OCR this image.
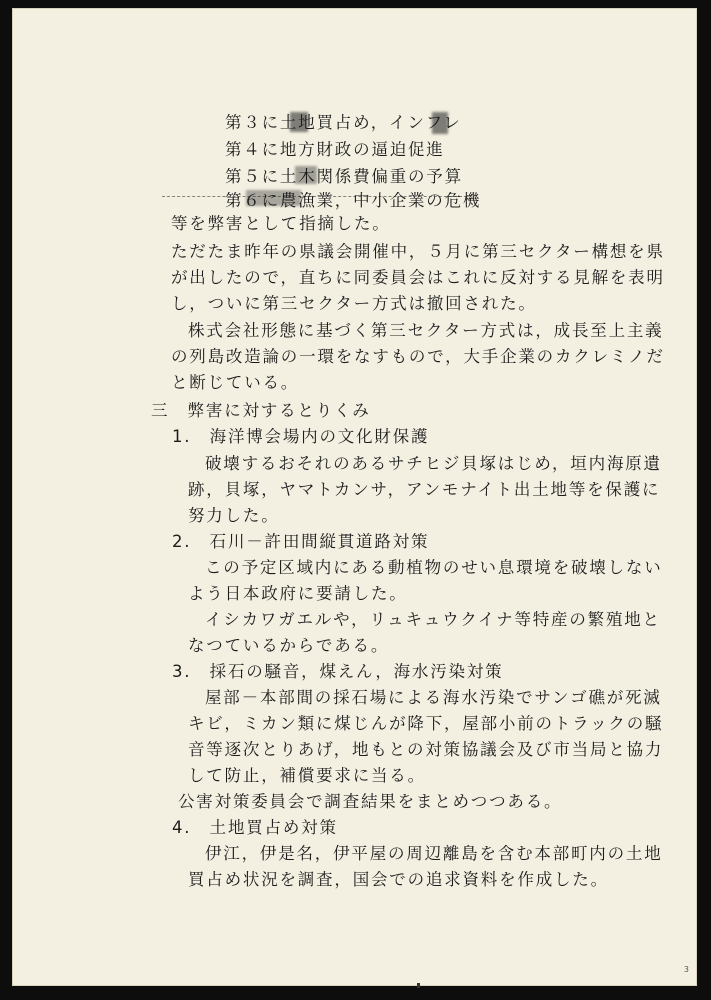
第３に土地買占め，インフレ
第４に地方財政の逼迫促進
第５に土木関係費偏重の予算
第６に農漁業，中小企業の危機
等を弊害として指摘した。
ただたま昨年の県議会開催中，５月に第三セクター構想を県
が出したので，直ちに同委員会はこれに反対する見解を表明
し，ついに第三セクター方式は撤回された。
株式会社形態に基づく第三セクター方式は，成長至上主義
の列島改造論の一環をなすもので，大手企業のカクレミノだ
と断じている。
三　弊害に対するとりくみ
1.　海洋博会場内の文化財保護
破壊するおそれのあるサチヒジ貝塚はじめ，垣内海原遺
跡，貝塚，ヤマトカンサ，アンモナイト出土地等を保護に
努力した。
2.　石川－許田間縦貫道路対策
この予定区域内にある動植物のせい息環境を破壊しない
よう日本政府に要請した。
イシカワガエルや，リュキュウクイナ等特産の繁殖地と
なつているからである。
3.　採石の騒音，煤えん，海水汚染対策
屋部－本部間の採石場による海水汚染でサンゴ礁が死滅
キビ，ミカン類に煤じんが降下，屋部小前のトラックの騒
音等逐次とりあげ，地もとの対策協議会及び市当局と協力
して防止，補償要求に当る。
公害対策委員会で調査結果をまとめつつある。
4.　土地買占め対策
伊江，伊是名，伊平屋の周辺離島を含む本部町内の土地
買占め状況を調査，国会での追求資料を作成した。
3
